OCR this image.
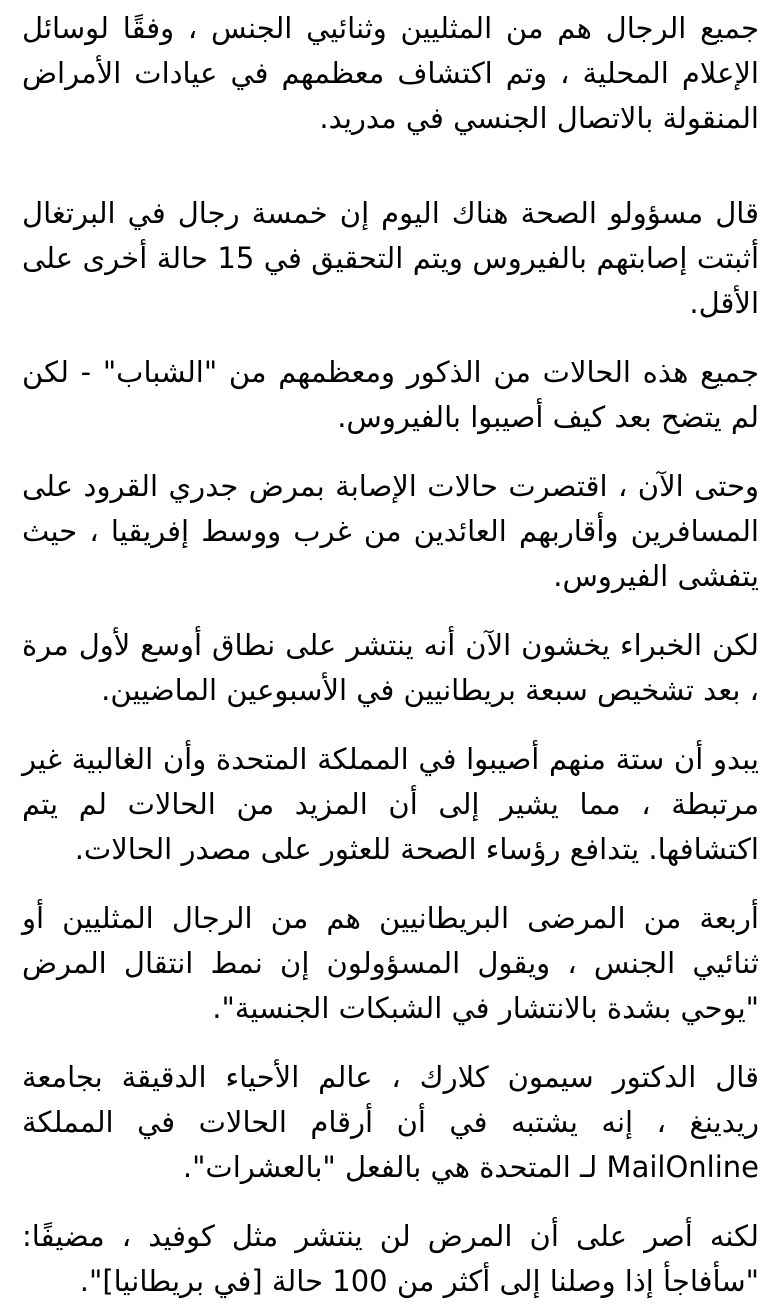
جميع الرجال هم من المثليين وثنائيي الجنس ، وفقًا لوسائل الإعلام المحلية ، وتم اكتشاف معظمهم في عيادات الأمراض المنقولة بالاتصال الجنسي في مدريد.

قال مسؤولو الصحة هناك اليوم إن خمسة رجال في البرتغال أثبتت إصابتهم بالفيروس ويتم التحقيق في 15 حالة أخرى على الأقل.

جميع هذه الحالات من الذكور ومعظمهم من "الشباب" - لكن لم يتضح بعد كيف أصيبوا بالفيروس.

وحتى الآن ، اقتصرت حالات الإصابة بمرض جدري القرود على المسافرين وأقاربهم العائدين من غرب ووسط إفريقيا ، حيث يتفشى الفيروس.

لكن الخبراء يخشون الآن أنه ينتشر على نطاق أوسع لأول مرة ، بعد تشخيص سبعة بريطانيين في الأسبوعين الماضيين.

يبدو أن ستة منهم أصيبوا في المملكة المتحدة وأن الغالبية غير مرتبطة ، مما يشير إلى أن المزيد من الحالات لم يتم اكتشافها. يتدافع رؤساء الصحة للعثور على مصدر الحالات.

أربعة من المرضى البريطانيين هم من الرجال المثليين أو ثنائيي الجنس ، ويقول المسؤولون إن نمط انتقال المرض "يوحي بشدة بالانتشار في الشبكات الجنسية".

قال الدكتور سيمون كلارك ، عالم الأحياء الدقيقة بجامعة ريدينغ ، إنه يشتبه في أن أرقام الحالات في المملكة MailOnline لـ المتحدة هي بالفعل "بالعشرات".

لكنه أصر على أن المرض لن ينتشر مثل كوفيد ، مضيفًا: "سأفاجأ إذا وصلنا إلى أكثر من 100 حالة [في بريطانيا]".
